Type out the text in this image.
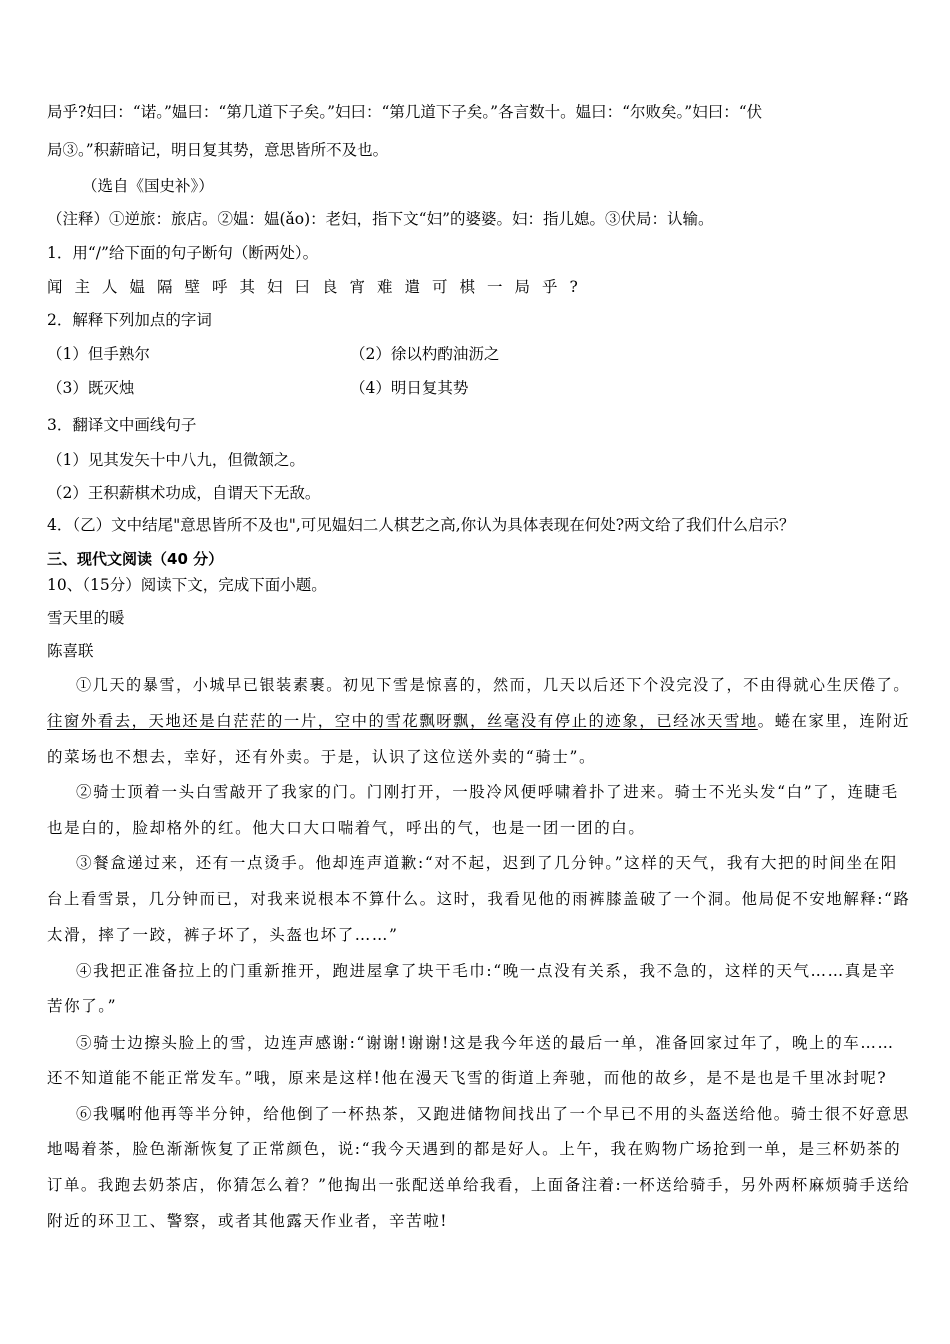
局乎?妇曰：“诺。”媪曰：“第几道下子矣。”妇曰：“第几道下子矣。”各言数十。媪曰：“尔败矣。”妇曰：“伏
局③。”积薪暗记，明日复其势，意思皆所不及也。
（选自《国史补》）
（注释）①逆旅：旅店。②媪：媪(ǎo)：老妇，指下文“妇”的婆婆。妇：指儿媳。③伏局：认输。
1．用“/”给下面的句子断句（断两处）。
闻主人媪隔壁呼其妇曰良宵难遣可棋一局乎?
2．解释下列加点的字词
（1）但手熟尔	（2）徐以杓酌油沥之
（3）既灭烛	（4）明日复其势
3．翻译文中画线句子
（1）见其发矢十中八九，但微颔之。
（2）王积薪棋术功成，自谓天下无敌。
4．（乙）文中结尾"意思皆所不及也",可见媪妇二人棋艺之高,你认为具体表现在何处?两文给了我们什么启示？
三、现代文阅读（40 分）
10、（15分）阅读下文，完成下面小题。
雪天里的暖
陈喜联
①几天的暴雪，小城早已银装素裹。初见下雪是惊喜的，然而，几天以后还下个没完没了，不由得就心生厌倦了。
往窗外看去，天地还是白茫茫的一片，空中的雪花飘呀飘，丝毫没有停止的迹象，已经冰天雪地。蜷在家里，连附近
的菜场也不想去，幸好，还有外卖。于是，认识了这位送外卖的“骑士”。
②骑士顶着一头白雪敲开了我家的门。门刚打开，一股冷风便呼啸着扑了进来。骑士不光头发“白”了，连睫毛
也是白的，脸却格外的红。他大口大口喘着气，呼出的气，也是一团一团的白。
③餐盒递过来，还有一点烫手。他却连声道歉:“对不起，迟到了几分钟。”这样的天气，我有大把的时间坐在阳
台上看雪景，几分钟而已，对我来说根本不算什么。这时，我看见他的雨裤膝盖破了一个洞。他局促不安地解释:“路
太滑，摔了一跤，裤子坏了，头盔也坏了……”
④我把正准备拉上的门重新推开，跑进屋拿了块干毛巾:“晚一点没有关系，我不急的，这样的天气……真是辛
苦你了。”
⑤骑士边擦头脸上的雪，边连声感谢:“谢谢!谢谢!这是我今年送的最后一单，准备回家过年了，晚上的车……
还不知道能不能正常发车。”哦，原来是这样!他在漫天飞雪的街道上奔驰，而他的故乡，是不是也是千里冰封呢?
⑥我嘱咐他再等半分钟，给他倒了一杯热茶，又跑进储物间找出了一个早已不用的头盔送给他。骑士很不好意思
地喝着茶，脸色渐渐恢复了正常颜色，说:“我今天遇到的都是好人。上午，我在购物广场抢到一单，是三杯奶茶的
订单。我跑去奶茶店，你猜怎么着？”他掏出一张配送单给我看，上面备注着:一杯送给骑手，另外两杯麻烦骑手送给
附近的环卫工、警察，或者其他露天作业者，辛苦啦!
